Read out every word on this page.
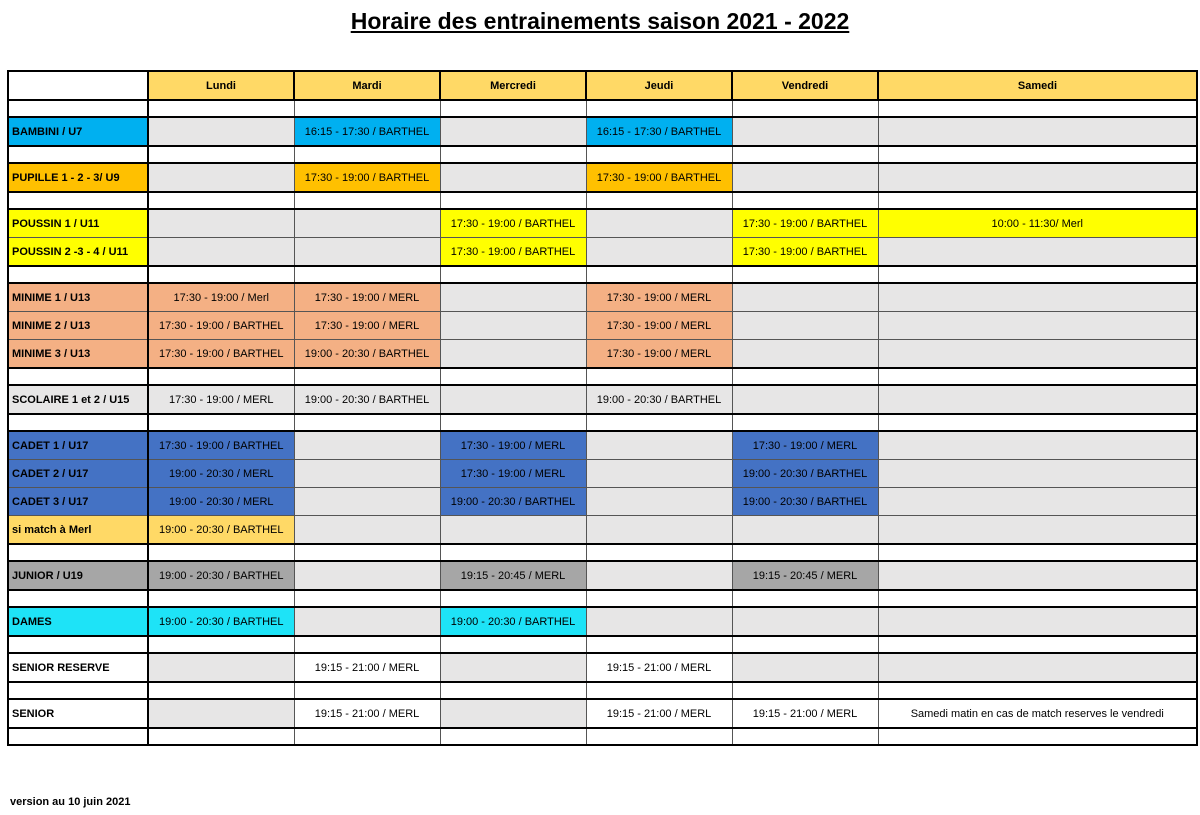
Horaire des entrainements saison 2021 - 2022
	Lundi	Mardi	Mercredi	Jeudi	Vendredi	Samedi

BAMBINI / U7		16:15 - 17:30 / BARTHEL		16:15 - 17:30 / BARTHEL		

PUPILLE 1 - 2 - 3/ U9		17:30 - 19:00 / BARTHEL		17:30 - 19:00 / BARTHEL		

POUSSIN 1 / U11			17:30 - 19:00 / BARTHEL		17:30 - 19:00 / BARTHEL	10:00 - 11:30/ Merl
POUSSIN 2 -3 - 4 / U11			17:30 - 19:00 / BARTHEL		17:30 - 19:00 / BARTHEL	

MINIME 1 / U13	17:30 - 19:00 / Merl	17:30 - 19:00 / MERL		17:30 - 19:00 / MERL		
MINIME 2 / U13	17:30 - 19:00 / BARTHEL	17:30 - 19:00 / MERL		17:30 - 19:00 / MERL		
MINIME 3 / U13	17:30 - 19:00 / BARTHEL	19:00 - 20:30 / BARTHEL		17:30 - 19:00 / MERL		

SCOLAIRE 1 et 2 / U15	17:30 - 19:00 / MERL	19:00 - 20:30 / BARTHEL		19:00 - 20:30 / BARTHEL		

CADET 1 / U17	17:30 - 19:00 / BARTHEL		17:30 - 19:00 / MERL		17:30 - 19:00 / MERL	
CADET 2 / U17	19:00 - 20:30 / MERL		17:30 - 19:00 / MERL		19:00 - 20:30 / BARTHEL	
CADET 3 / U17	19:00 - 20:30 / MERL		19:00 - 20:30 / BARTHEL		19:00 - 20:30 / BARTHEL	
si match à Merl	19:00 - 20:30 / BARTHEL					

JUNIOR / U19	19:00 - 20:30 / BARTHEL		19:15 - 20:45 / MERL		19:15 - 20:45 / MERL	

DAMES	19:00 - 20:30 / BARTHEL		19:00 - 20:30 / BARTHEL			

SENIOR RESERVE		19:15 - 21:00 / MERL		19:15 - 21:00 / MERL		

SENIOR		19:15 - 21:00 / MERL		19:15 - 21:00 / MERL	19:15 - 21:00 / MERL	Samedi matin en cas de match reserves le vendredi

version au 10 juin 2021
